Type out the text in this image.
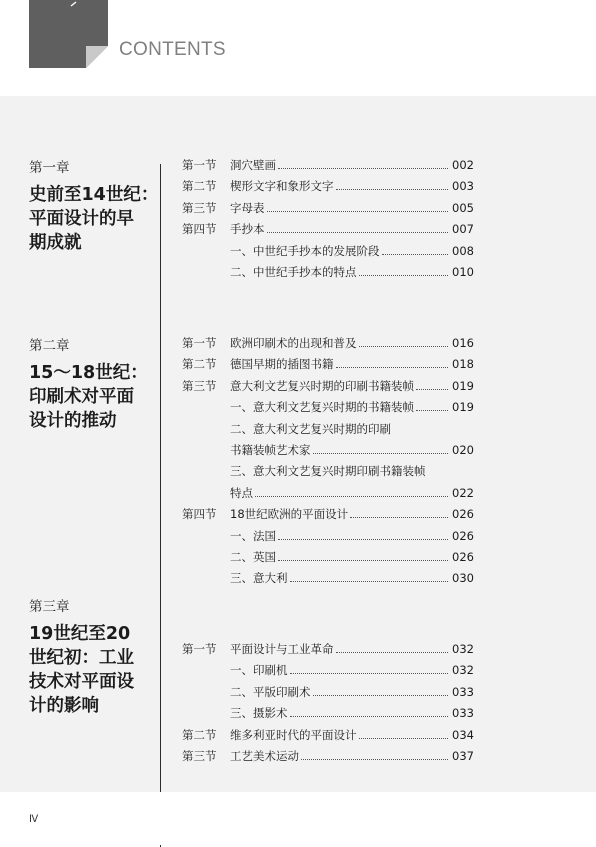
CONTENTS

第一章

史前至14世纪：

平面设计的早

期成就

第一节	洞穴壁画	002
第二节	楔形文字和象形文字	003
第三节	字母表	005
第四节	手抄本	007
一、中世纪手抄本的发展阶段	008
二、中世纪手抄本的特点	010

第二章

15～18世纪：

印刷术对平面

设计的推动

第一节	欧洲印刷术的出现和普及	016
第二节	德国早期的插图书籍	018
第三节	意大利文艺复兴时期的印刷书籍装帧	019
一、意大利文艺复兴时期的书籍装帧	019
二、意大利文艺复兴时期的印刷
书籍装帧艺术家	020
三、意大利文艺复兴时期印刷书籍装帧
特点	022
第四节	18世纪欧洲的平面设计	026
一、法国	026
二、英国	026
三、意大利	030

第三章

19世纪至20

世纪初：工业

技术对平面设

计的影响

第一节	平面设计与工业革命	032
一、印刷机	032
二、平版印刷术	033
三、摄影术	033
第二节	维多利亚时代的平面设计	034
第三节	工艺美术运动	037
Ⅳ
